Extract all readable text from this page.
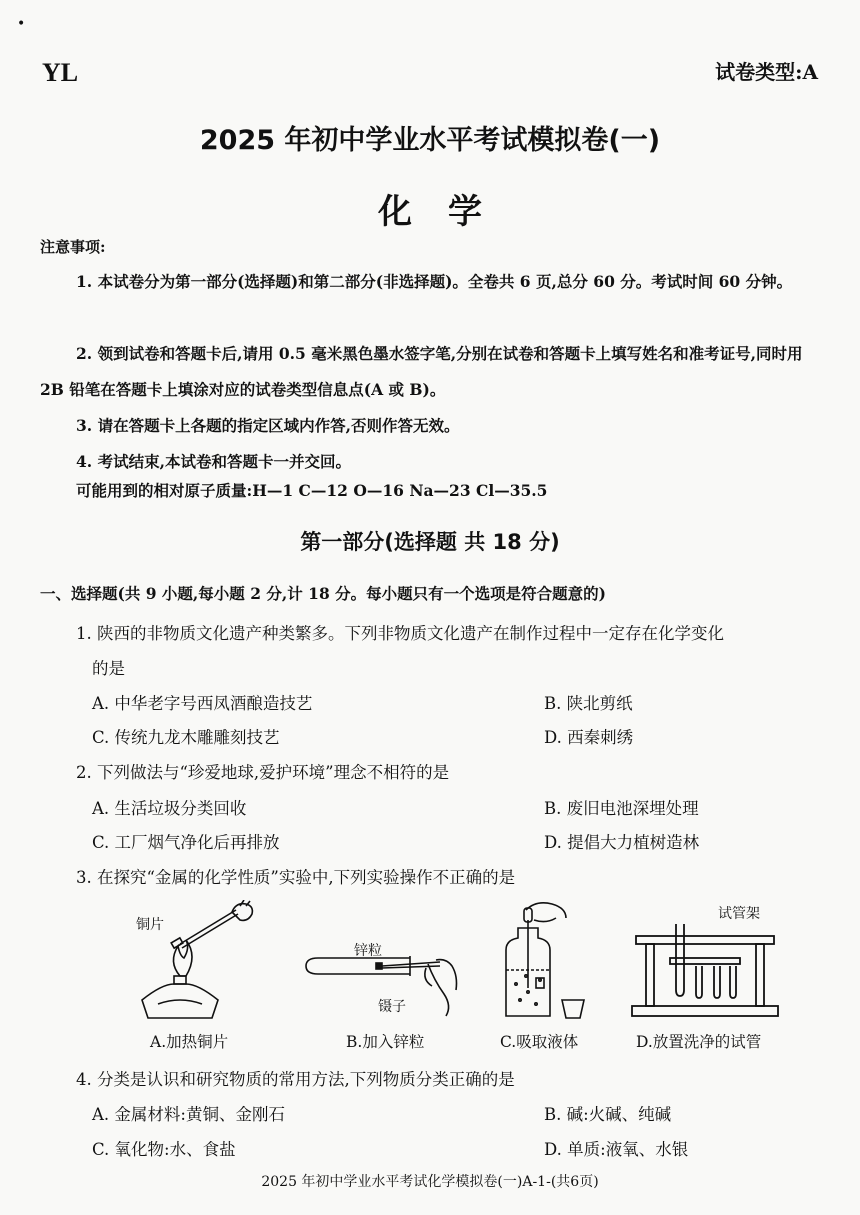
•
YL	试卷类型:A
2025 年初中学业水平考试模拟卷(一)
化学
注意事项:
1. 本试卷分为第一部分(选择题)和第二部分(非选择题)。全卷共 6 页,总分 60 分。考试时间 60 分钟。
2. 领到试卷和答题卡后,请用 0.5 毫米黑色墨水签字笔,分别在试卷和答题卡上填写姓名和准考证号,同时用 2B 铅笔在答题卡上填涂对应的试卷类型信息点(A 或 B)。
3. 请在答题卡上各题的指定区域内作答,否则作答无效。
4. 考试结束,本试卷和答题卡一并交回。
可能用到的相对原子质量:H—1 C—12 O—16 Na—23 Cl—35.5
第一部分(选择题 共 18 分)
一、选择题(共 9 小题,每小题 2 分,计 18 分。每小题只有一个选项是符合题意的)
1. 陕西的非物质文化遗产种类繁多。下列非物质文化遗产在制作过程中一定存在化学变化
的是
A. 中华老字号西凤酒酿造技艺	B. 陕北剪纸
C. 传统九龙木雕雕刻技艺	D. 西秦刺绣
2. 下列做法与“珍爱地球,爱护环境”理念不相符的是
A. 生活垃圾分类回收	B. 废旧电池深埋处理
C. 工厂烟气净化后再排放	D. 提倡大力植树造林
3. 在探究“金属的化学性质”实验中,下列实验操作不正确的是
铜片
锌粒
镊子
试管架
A.加热铜片	B.加入锌粒	C.吸取液体	D.放置洗净的试管
4. 分类是认识和研究物质的常用方法,下列物质分类正确的是
A. 金属材料:黄铜、金刚石	B. 碱:火碱、纯碱
C. 氧化物:水、食盐	D. 单质:液氧、水银
2025 年初中学业水平考试化学模拟卷(一)A-1-(共6页)
